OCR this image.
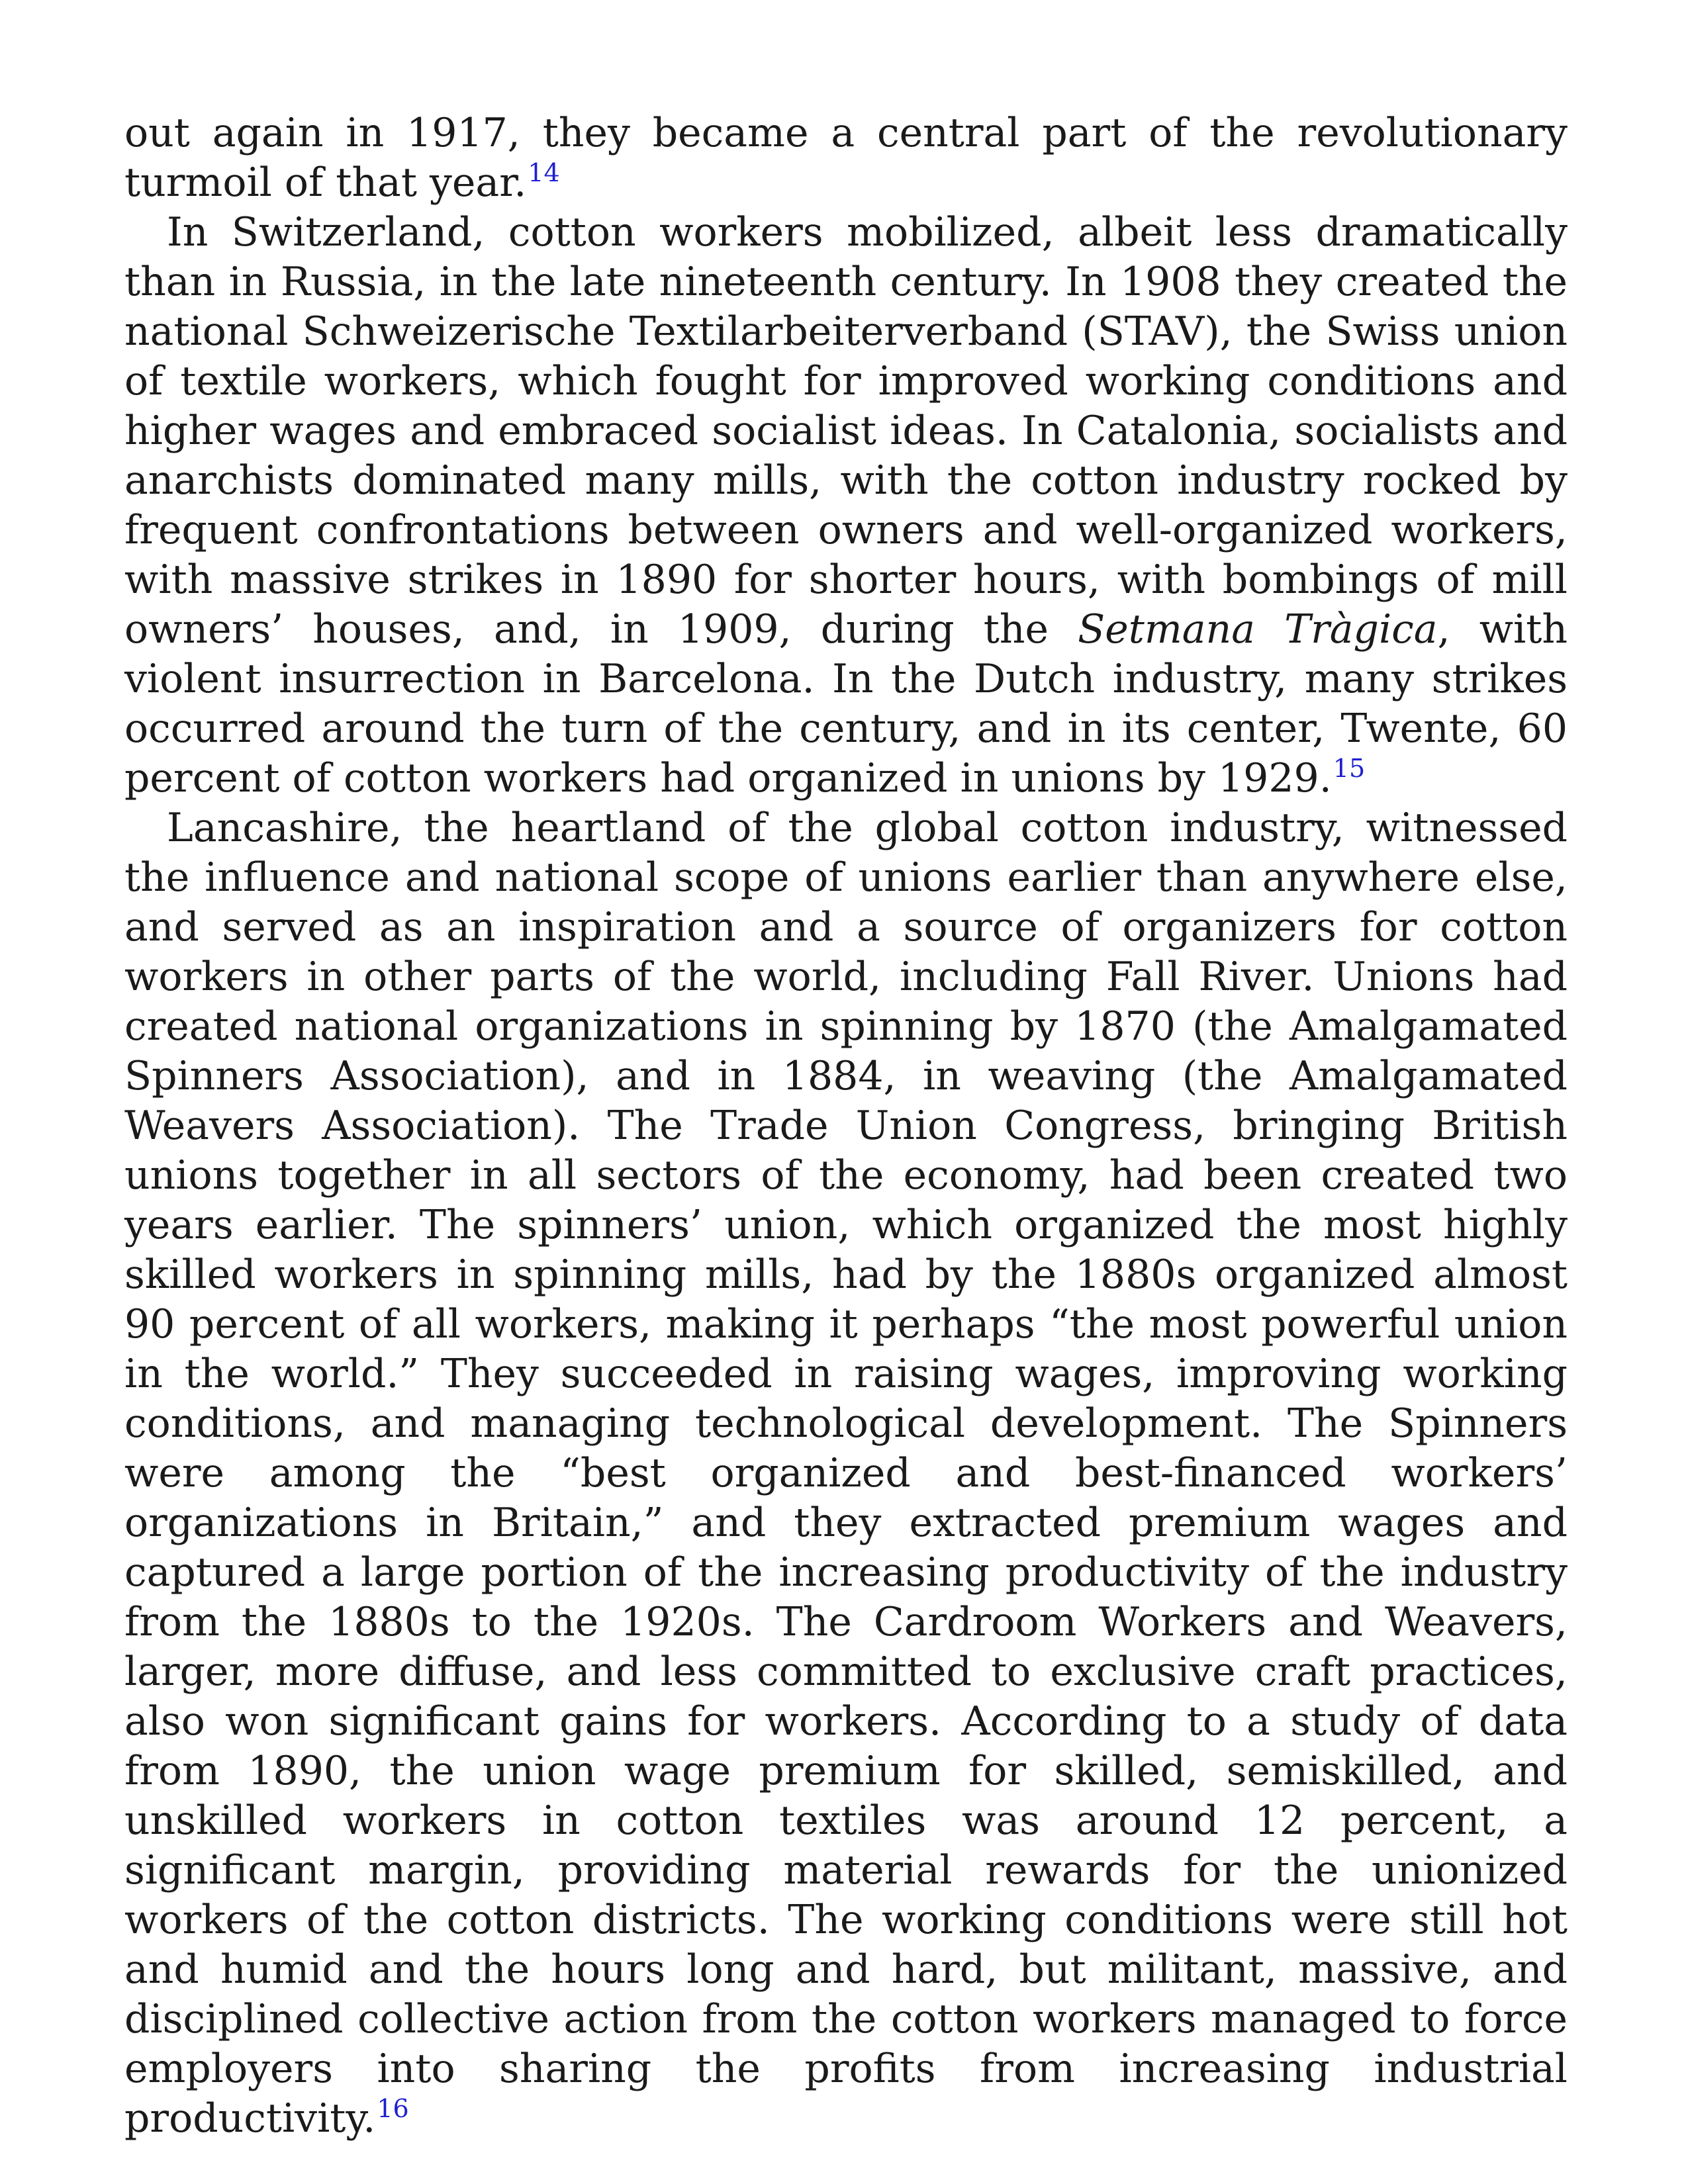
out again in 1917, they became a central part of the revolutionary turmoil of that year.$^{14}$

In Switzerland, cotton workers mobilized, albeit less dramatically than in Russia, in the late nineteenth century. In 1908 they created the national Schweizerische Textilarbeiterverband (STAV), the Swiss union of textile workers, which fought for improved working conditions and higher wages and embraced socialist ideas. In Catalonia, socialists and anarchists dominated many mills, with the cotton industry rocked by frequent confrontations between owners and well-organized workers, with massive strikes in 1890 for shorter hours, with bombings of mill owners’ houses, and, in 1909, during the Setmana Tràgica, with violent insurrection in Barcelona. In the Dutch industry, many strikes occurred around the turn of the century, and in its center, Twente, 60 percent of cotton workers had organized in unions by 1929.15

Lancashire, the heartland of the global cotton industry, witnessed the influence and national scope of unions earlier than anywhere else, and served as an inspiration and a source of organizers for cotton workers in other parts of the world, including Fall River. Unions had created national organizations in spinning by 1870 (the Amalgamated Spinners Association), and in 1884, in weaving (the Amalgamated Weavers Association). The Trade Union Congress, bringing British unions together in all sectors of the economy, had been created two years earlier. The spinners’ union, which organized the most highly skilled workers in spinning mills, had by the 1880s organized almost 90 percent of all workers, making it perhaps “the most powerful union in the world.” They succeeded in raising wages, improving working conditions, and managing technological development. The Spinners were among the “best organized and best-financed workers’ organizations in Britain,” and they extracted premium wages and captured a large portion of the increasing productivity of the industry from the 1880s to the 1920s. The Cardroom Workers and Weavers, larger, more diffuse, and less committed to exclusive craft practices, also won significant gains for workers. According to a study of data from 1890, the union wage premium for skilled, semiskilled, and unskilled workers in cotton textiles was around 12 percent, a significant margin, providing material rewards for the unionized workers of the cotton districts. The working conditions were still hot and humid and the hours long and hard, but militant, massive, and disciplined collective action from the cotton workers managed to force employers into sharing the profits from increasing industrial productivity.$^{16}$
